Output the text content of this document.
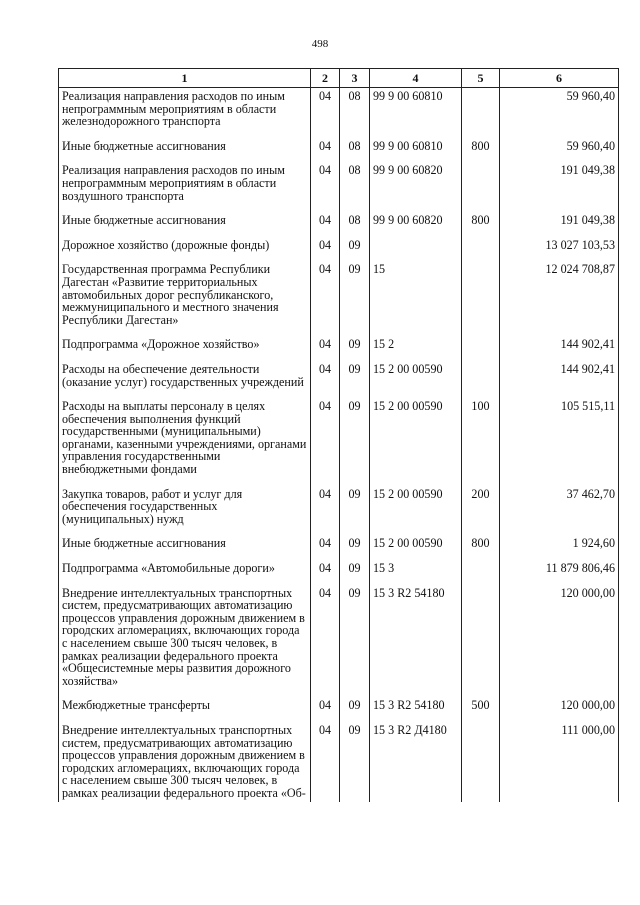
498
1	2	3	4	5	6
Реализация направления расходов по иным непрограммным мероприятиям в области железнодорожного транспорта	04	08	99 9 00 60810		59 960,40
Иные бюджетные ассигнования	04	08	99 9 00 60810	800	59 960,40
Реализация направления расходов по иным непрограммным мероприятиям в области воздушного транспорта	04	08	99 9 00 60820		191 049,38
Иные бюджетные ассигнования	04	08	99 9 00 60820	800	191 049,38
Дорожное хозяйство (дорожные фонды)	04	09			13 027 103,53
Государственная программа Республики Дагестан «Развитие территориальных автомобильных дорог республиканского, межмуниципального и местного значения Республики Дагестан»	04	09	15		12 024 708,87
Подпрограмма «Дорожное хозяйство»	04	09	15 2		144 902,41
Расходы на обеспечение деятельности (оказание услуг) государственных учреждений	04	09	15 2 00 00590		144 902,41
Расходы на выплаты персоналу в целях обеспечения выполнения функций государственными (муниципальными) органами, казенными учреждениями, органами управления государственными внебюджетными фондами	04	09	15 2 00 00590	100	105 515,11
Закупка товаров, работ и услуг для обеспечения государственных (муниципальных) нужд	04	09	15 2 00 00590	200	37 462,70
Иные бюджетные ассигнования	04	09	15 2 00 00590	800	1 924,60
Подпрограмма «Автомобильные дороги»	04	09	15 3		11 879 806,46
Внедрение интеллектуальных транспортных систем, предусматривающих автоматизацию процессов управления дорожным движением в городских агломерациях, включающих города с населением свыше 300 тысяч человек, в рамках реализации федерального проекта «Общесистемные меры развития дорожного хозяйства»	04	09	15 3 R2 54180		120 000,00
Межбюджетные трансферты	04	09	15 3 R2 54180	500	120 000,00
Внедрение интеллектуальных транспортных систем, предусматривающих автоматизацию процессов управления дорожным движением в городских агломерациях, включающих города с населением свыше 300 тысяч человек, в рамках реализации федерального проекта «Об-	04	09	15 3 R2 Д4180		111 000,00
